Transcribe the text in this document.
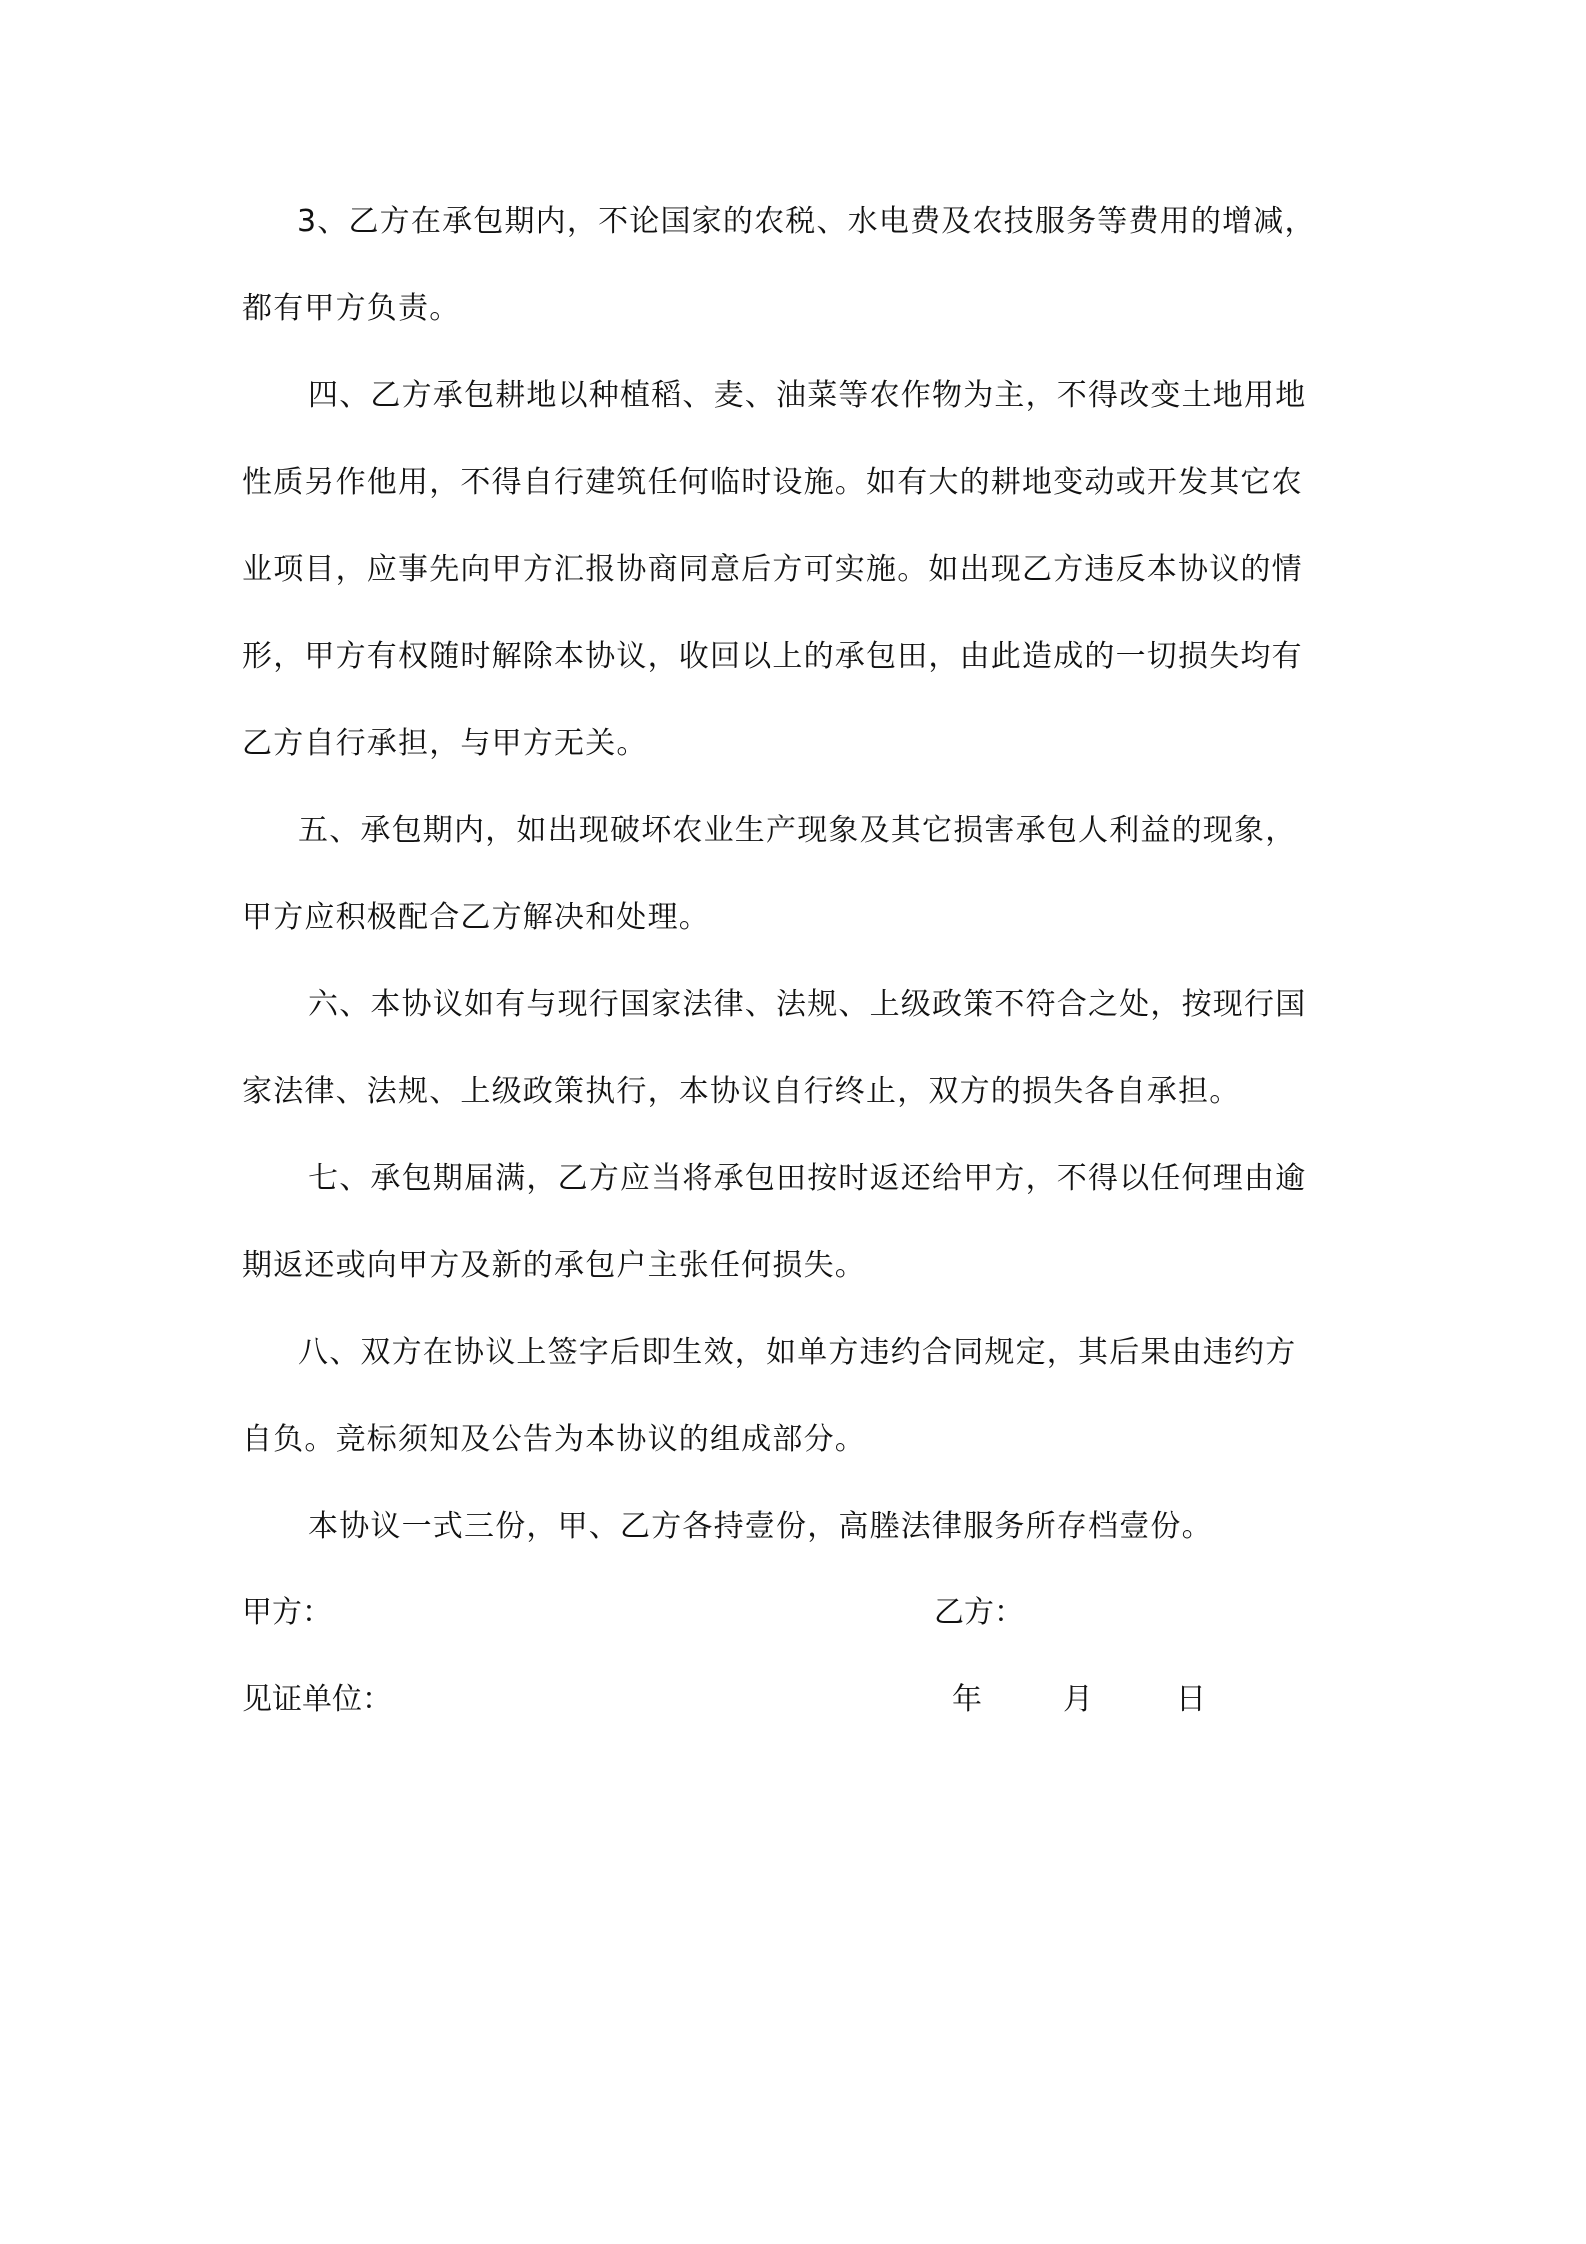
3、乙方在承包期内，不论国家的农税、水电费及农技服务等费用的增减，
都有甲方负责。
四、乙方承包耕地以种植稻、麦、油菜等农作物为主，不得改变土地用地
性质另作他用，不得自行建筑任何临时设施。如有大的耕地变动或开发其它农
业项目，应事先向甲方汇报协商同意后方可实施。如出现乙方违反本协议的情
形，甲方有权随时解除本协议，收回以上的承包田，由此造成的一切损失均有
乙方自行承担，与甲方无关。
五、承包期内，如出现破坏农业生产现象及其它损害承包人利益的现象，
甲方应积极配合乙方解决和处理。
六、本协议如有与现行国家法律、法规、上级政策不符合之处，按现行国
家法律、法规、上级政策执行，本协议自行终止，双方的损失各自承担。
七、承包期届满，乙方应当将承包田按时返还给甲方，不得以任何理由逾
期返还或向甲方及新的承包户主张任何损失。
八、双方在协议上签字后即生效，如单方违约合同规定，其后果由违约方
自负。竞标须知及公告为本协议的组成部分。
本协议一式三份，甲、乙方各持壹份，高塍法律服务所存档壹份。
甲方：	乙方：
见证单位：	年	月	日
